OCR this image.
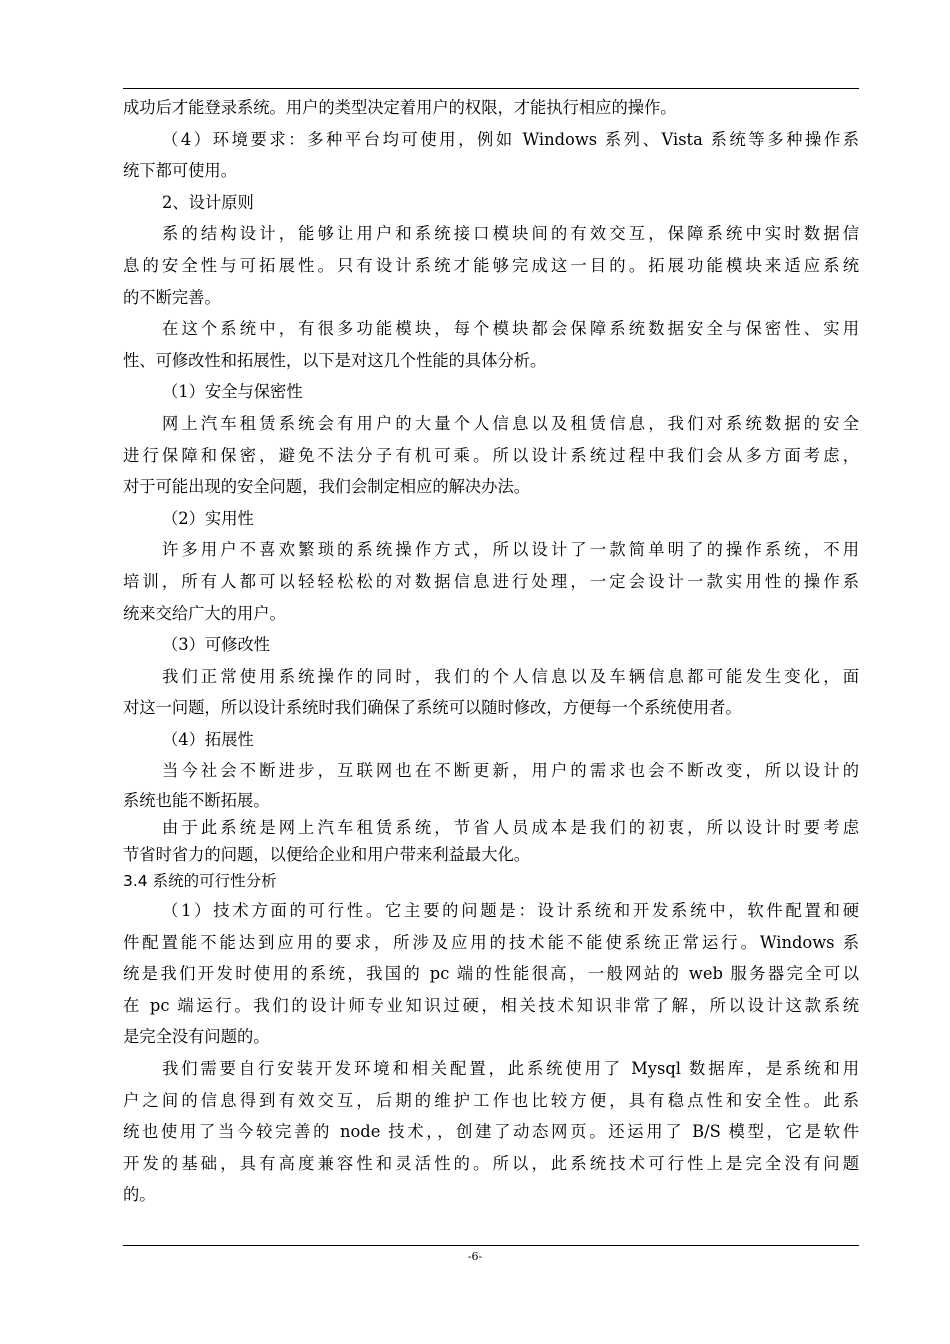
成功后才能登录系统。用户的类型决定着用户的权限，才能执行相应的操作。
（4）环境要求：多种平台均可使用，例如 Windows 系列、Vista 系统等多种操作系
统下都可使用。
2、设计原则
系的结构设计，能够让用户和系统接口模块间的有效交互，保障系统中实时数据信
息的安全性与可拓展性。只有设计系统才能够完成这一目的。拓展功能模块来适应系统
的不断完善。
在这个系统中，有很多功能模块，每个模块都会保障系统数据安全与保密性、实用
性、可修改性和拓展性，以下是对这几个性能的具体分析。
（1）安全与保密性
网上汽车租赁系统会有用户的大量个人信息以及租赁信息，我们对系统数据的安全
进行保障和保密，避免不法分子有机可乘。所以设计系统过程中我们会从多方面考虑，
对于可能出现的安全问题，我们会制定相应的解决办法。
（2）实用性
许多用户不喜欢繁琐的系统操作方式，所以设计了一款简单明了的操作系统，不用
培训，所有人都可以轻轻松松的对数据信息进行处理，一定会设计一款实用性的操作系
统来交给广大的用户。
（3）可修改性
我们正常使用系统操作的同时，我们的个人信息以及车辆信息都可能发生变化，面
对这一问题，所以设计系统时我们确保了系统可以随时修改，方便每一个系统使用者。
（4）拓展性
当今社会不断进步，互联网也在不断更新，用户的需求也会不断改变，所以设计的
系统也能不断拓展。
由于此系统是网上汽车租赁系统，节省人员成本是我们的初衷，所以设计时要考虑
节省时省力的问题，以便给企业和用户带来利益最大化。
3.4 系统的可行性分析
（1）技术方面的可行性。它主要的问题是：设计系统和开发系统中，软件配置和硬
件配置能不能达到应用的要求，所涉及应用的技术能不能使系统正常运行。Windows 系
统是我们开发时使用的系统，我国的 pc 端的性能很高，一般网站的 web 服务器完全可以
在 pc 端运行。我们的设计师专业知识过硬，相关技术知识非常了解，所以设计这款系统
是完全没有问题的。
我们需要自行安装开发环境和相关配置，此系统使用了 Mysql 数据库，是系统和用
户之间的信息得到有效交互，后期的维护工作也比较方便，具有稳点性和安全性。此系
统也使用了当今较完善的 node 技术，，创建了动态网页。还运用了 B/S 模型，它是软件
开发的基础，具有高度兼容性和灵活性的。所以，此系统技术可行性上是完全没有问题
的。
-6-
